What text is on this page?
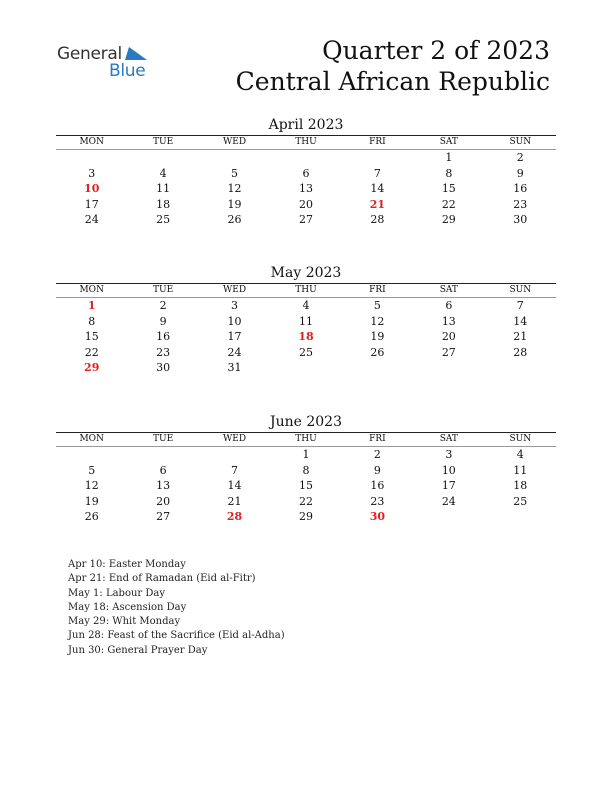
General
Blue
Quarter 2 of 2023
Central African Republic
April 2023
MON	TUE	WED	THU	FRI	SAT	SUN
					1	2
3	4	5	6	7	8	9
10	11	12	13	14	15	16
17	18	19	20	21	22	23
24	25	26	27	28	29	30
May 2023
MON	TUE	WED	THU	FRI	SAT	SUN
1	2	3	4	5	6	7
8	9	10	11	12	13	14
15	16	17	18	19	20	21
22	23	24	25	26	27	28
29	30	31				
June 2023
MON	TUE	WED	THU	FRI	SAT	SUN
			1	2	3	4
5	6	7	8	9	10	11
12	13	14	15	16	17	18
19	20	21	22	23	24	25
26	27	28	29	30		
Apr 10: Easter Monday
Apr 21: End of Ramadan (Eid al-Fitr)
May 1: Labour Day
May 18: Ascension Day
May 29: Whit Monday
Jun 28: Feast of the Sacrifice (Eid al-Adha)
Jun 30: General Prayer Day
